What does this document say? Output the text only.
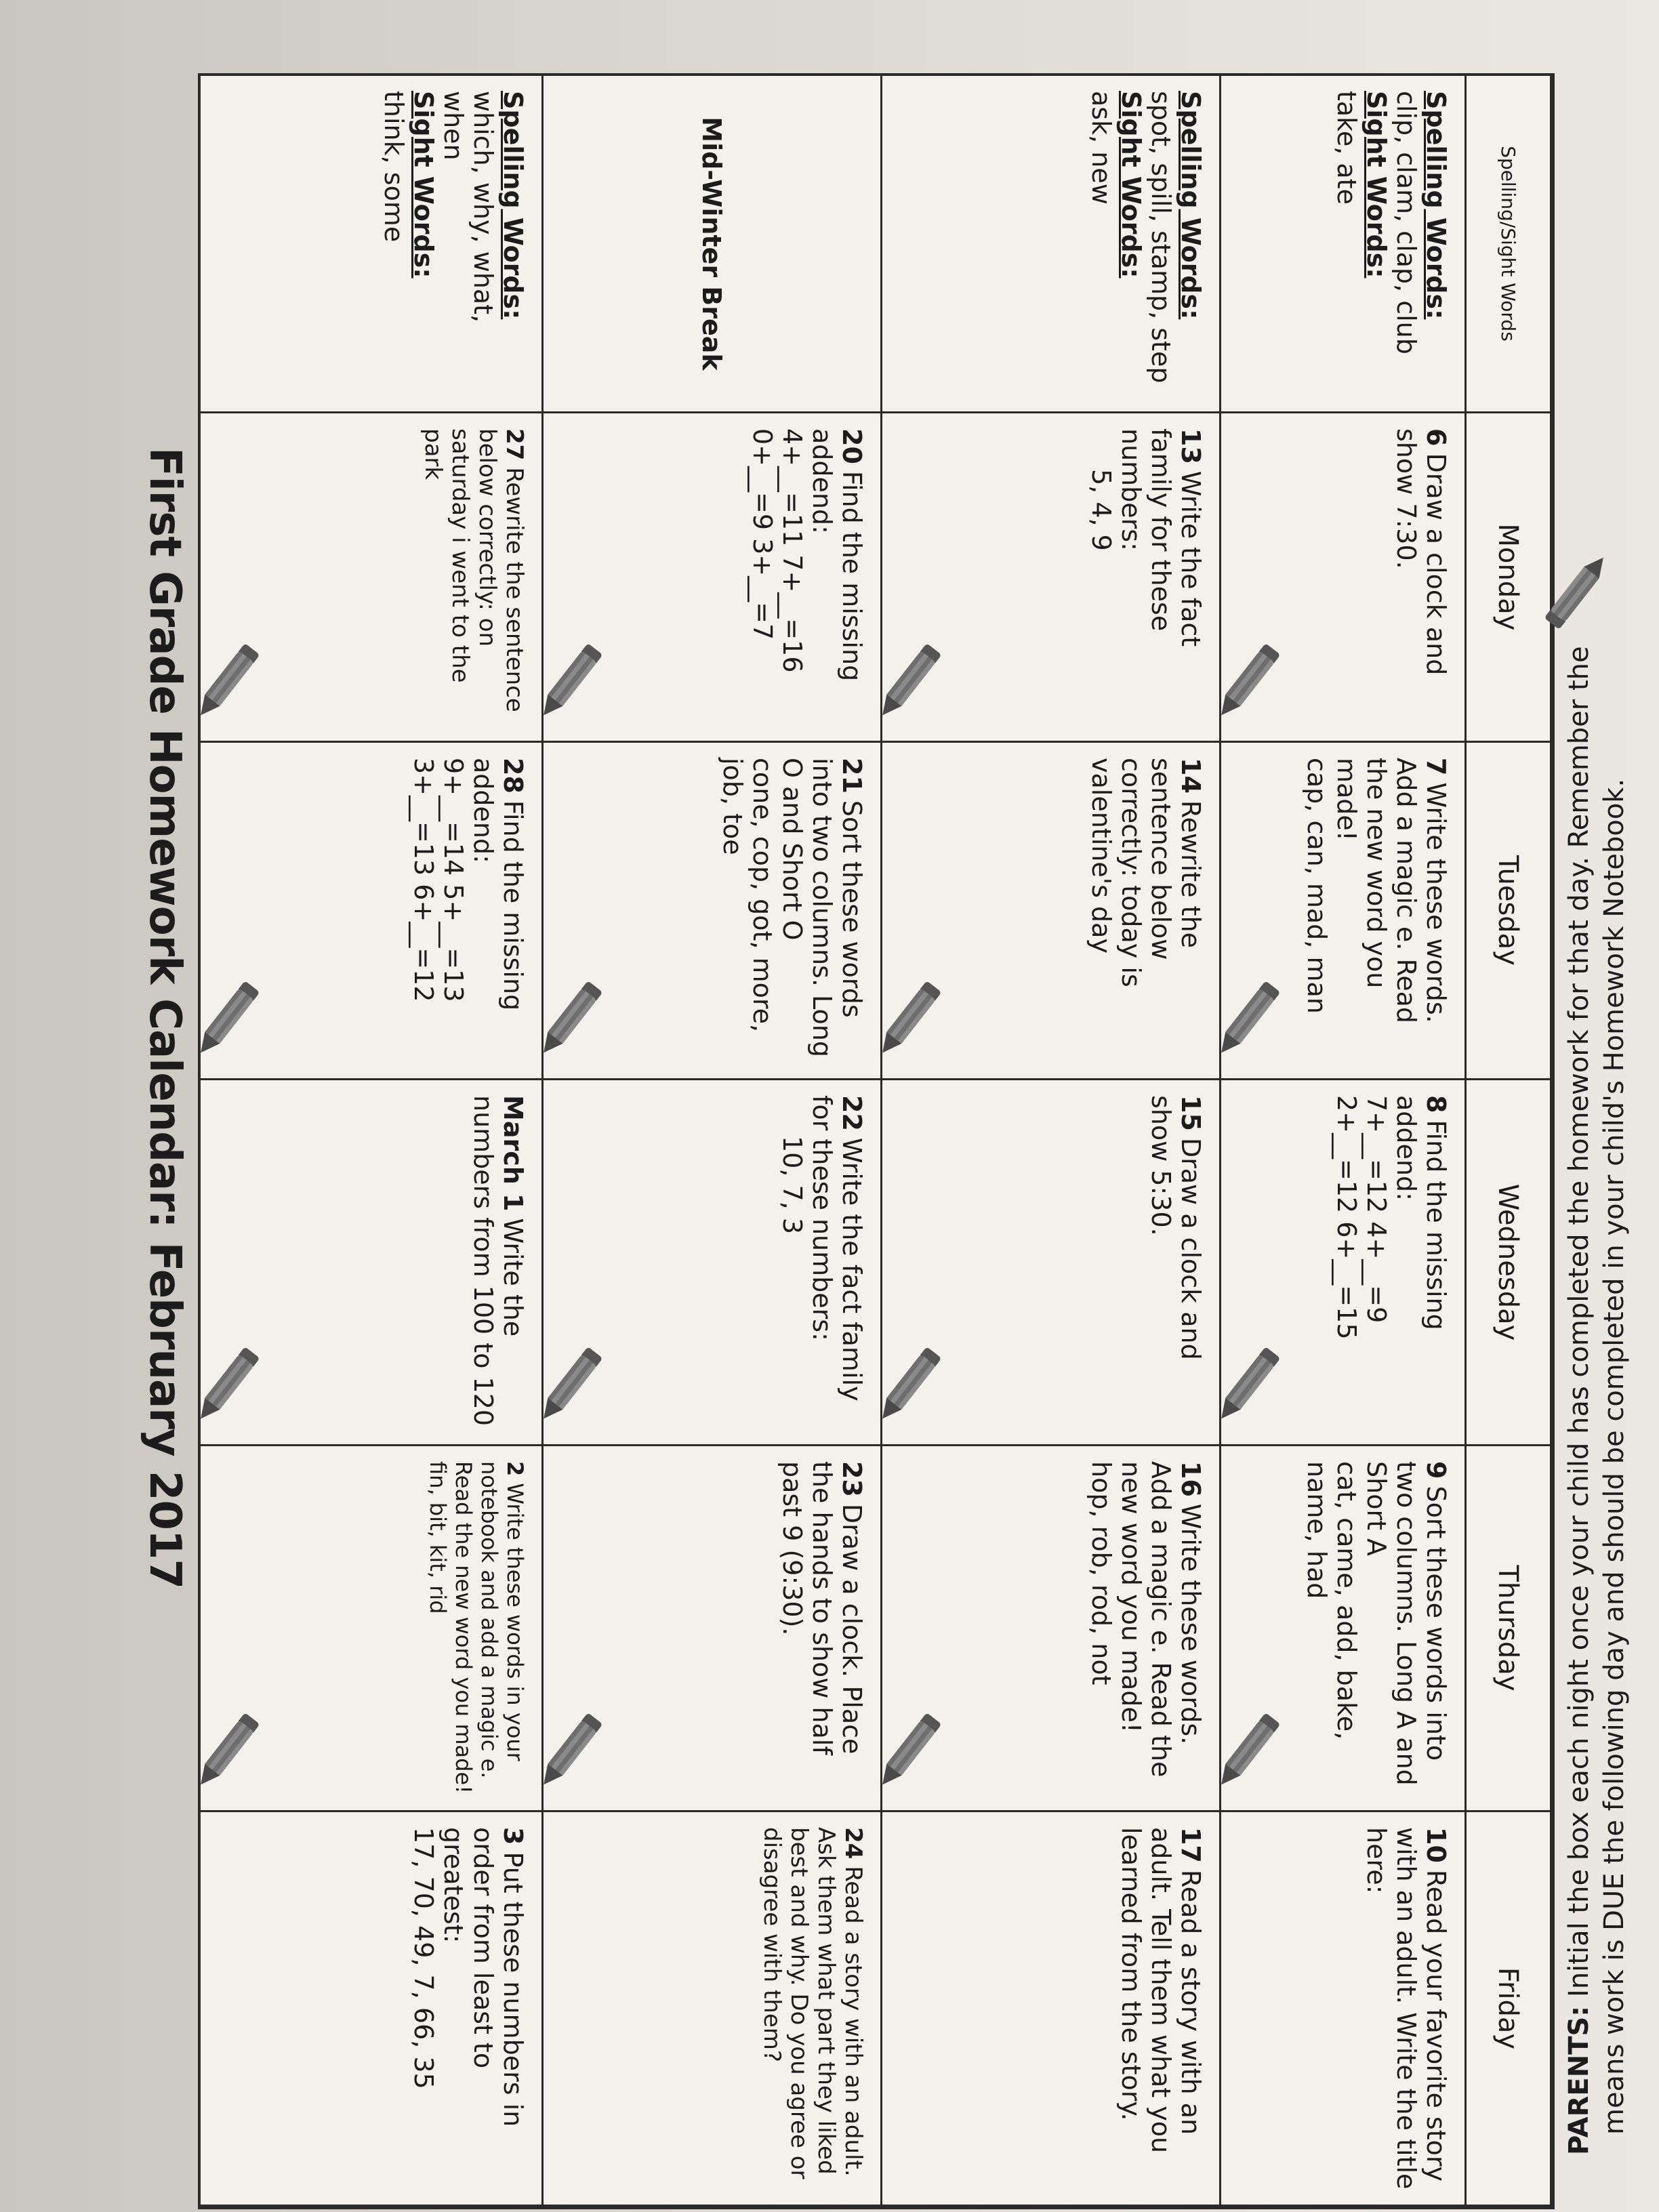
First Grade Homework Calendar: February 2017
Spelling/Sight Words
Monday
Tuesday
Wednesday
Thursday
Friday
Spelling Words:
clip, clam, clap, club
Sight Words:
take, ate
6Draw a clock and show 7:30.
7Write these words. Add a magic e. Read the new word you made!
cap, can, mad, man
8Find the missing addend:
7+__=12 4+__=9
2+__=12 6+__=15
9Sort these words into two columns. Long A and Short A
cat, came, add, bake, name, had
10Read your favorite story with an adult. Write the title here:
Spelling Words:
spot, spill, stamp, step
Sight Words:
ask, new
13Write the fact family for these numbers:
5, 4, 9
14Rewrite the sentence below correctly: today is valentine's day
15Draw a clock and show 5:30.
16Write these words. Add a magic e. Read the new word you made!
hop, rob, rod, not
17Read a story with an adult. Tell them what you learned from the story.
Mid-Winter Break
20Find the missing addend:
4+__=11 7+__=16
0+__=9 3+__=7
21Sort these words into two columns. Long O and Short O
cone, cop, got, more, job, toe
22Write the fact family for these numbers:
10, 7, 3
23Draw a clock. Place the hands to show half past 9 (9:30).
24Read a story with an adult. Ask them what part they liked best and why. Do you agree or disagree with them?
Spelling Words:
which, why, what, when
Sight Words:
think, some
27Rewrite the sentence below correctly: on saturday i went to the park
28Find the missing addend:
9+__=14 5+__=13
3+__=13 6+__=12
March 1Write the numbers from 100 to 120
2Write these words in your notebook and add a magic e. Read the new word you made!
fin, bit, kit, rid
3Put these numbers in order from least to greatest:
17, 70, 49, 7, 66, 35	PARENTS: Initial the box each night once your child has completed the homework for that day. Remember the means work is DUE the following day and should be completed in your child's Homework Notebook.
